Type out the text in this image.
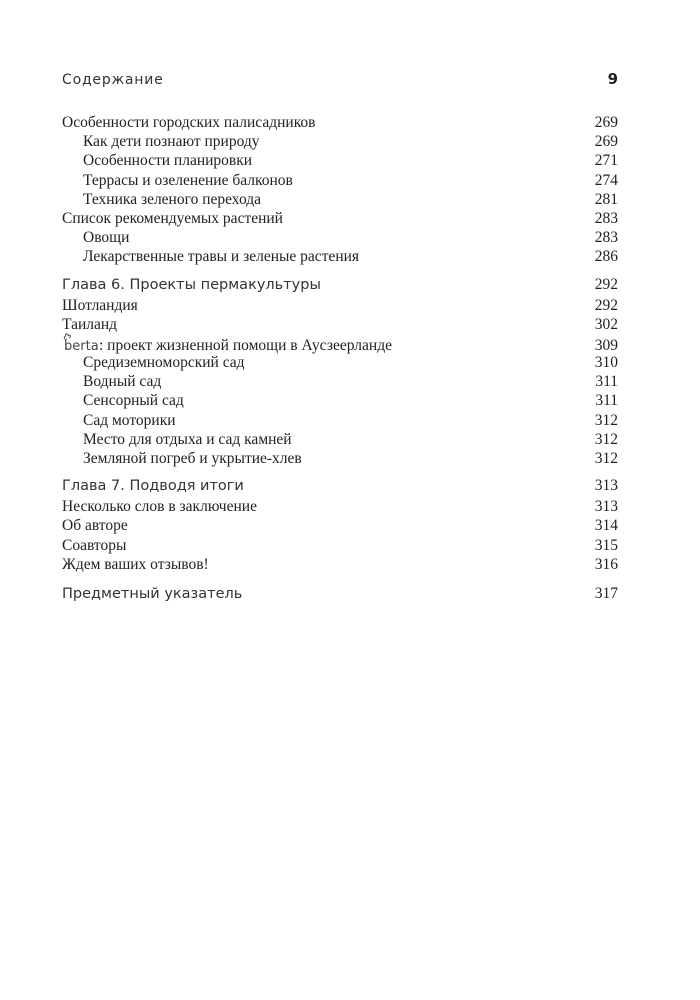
Содержание	9
Особенности городских палисадников	269
Как дети познают природу	269
Особенности планировки	271
Террасы и озеленение балконов	274
Техника зеленого перехода	281
Список рекомендуемых растений	283
Овощи	283
Лекарственные травы и зеленые растения	286
Глава 6. Проекты пермакультуры	292
Шотландия	292
Таиланд	302
berta : проект жизненной помощи в Аусзеерланде	309
Средиземноморский сад	310
Водный сад	311
Сенсорный сад	311
Сад моторики	312
Место для отдыха и сад камней	312
Земляной погреб и укрытие-хлев	312
Глава 7. Подводя итоги	313
Несколько слов в заключение	313
Об авторе	314
Соавторы	315
Ждем ваших отзывов!	316
Предметный указатель	317
